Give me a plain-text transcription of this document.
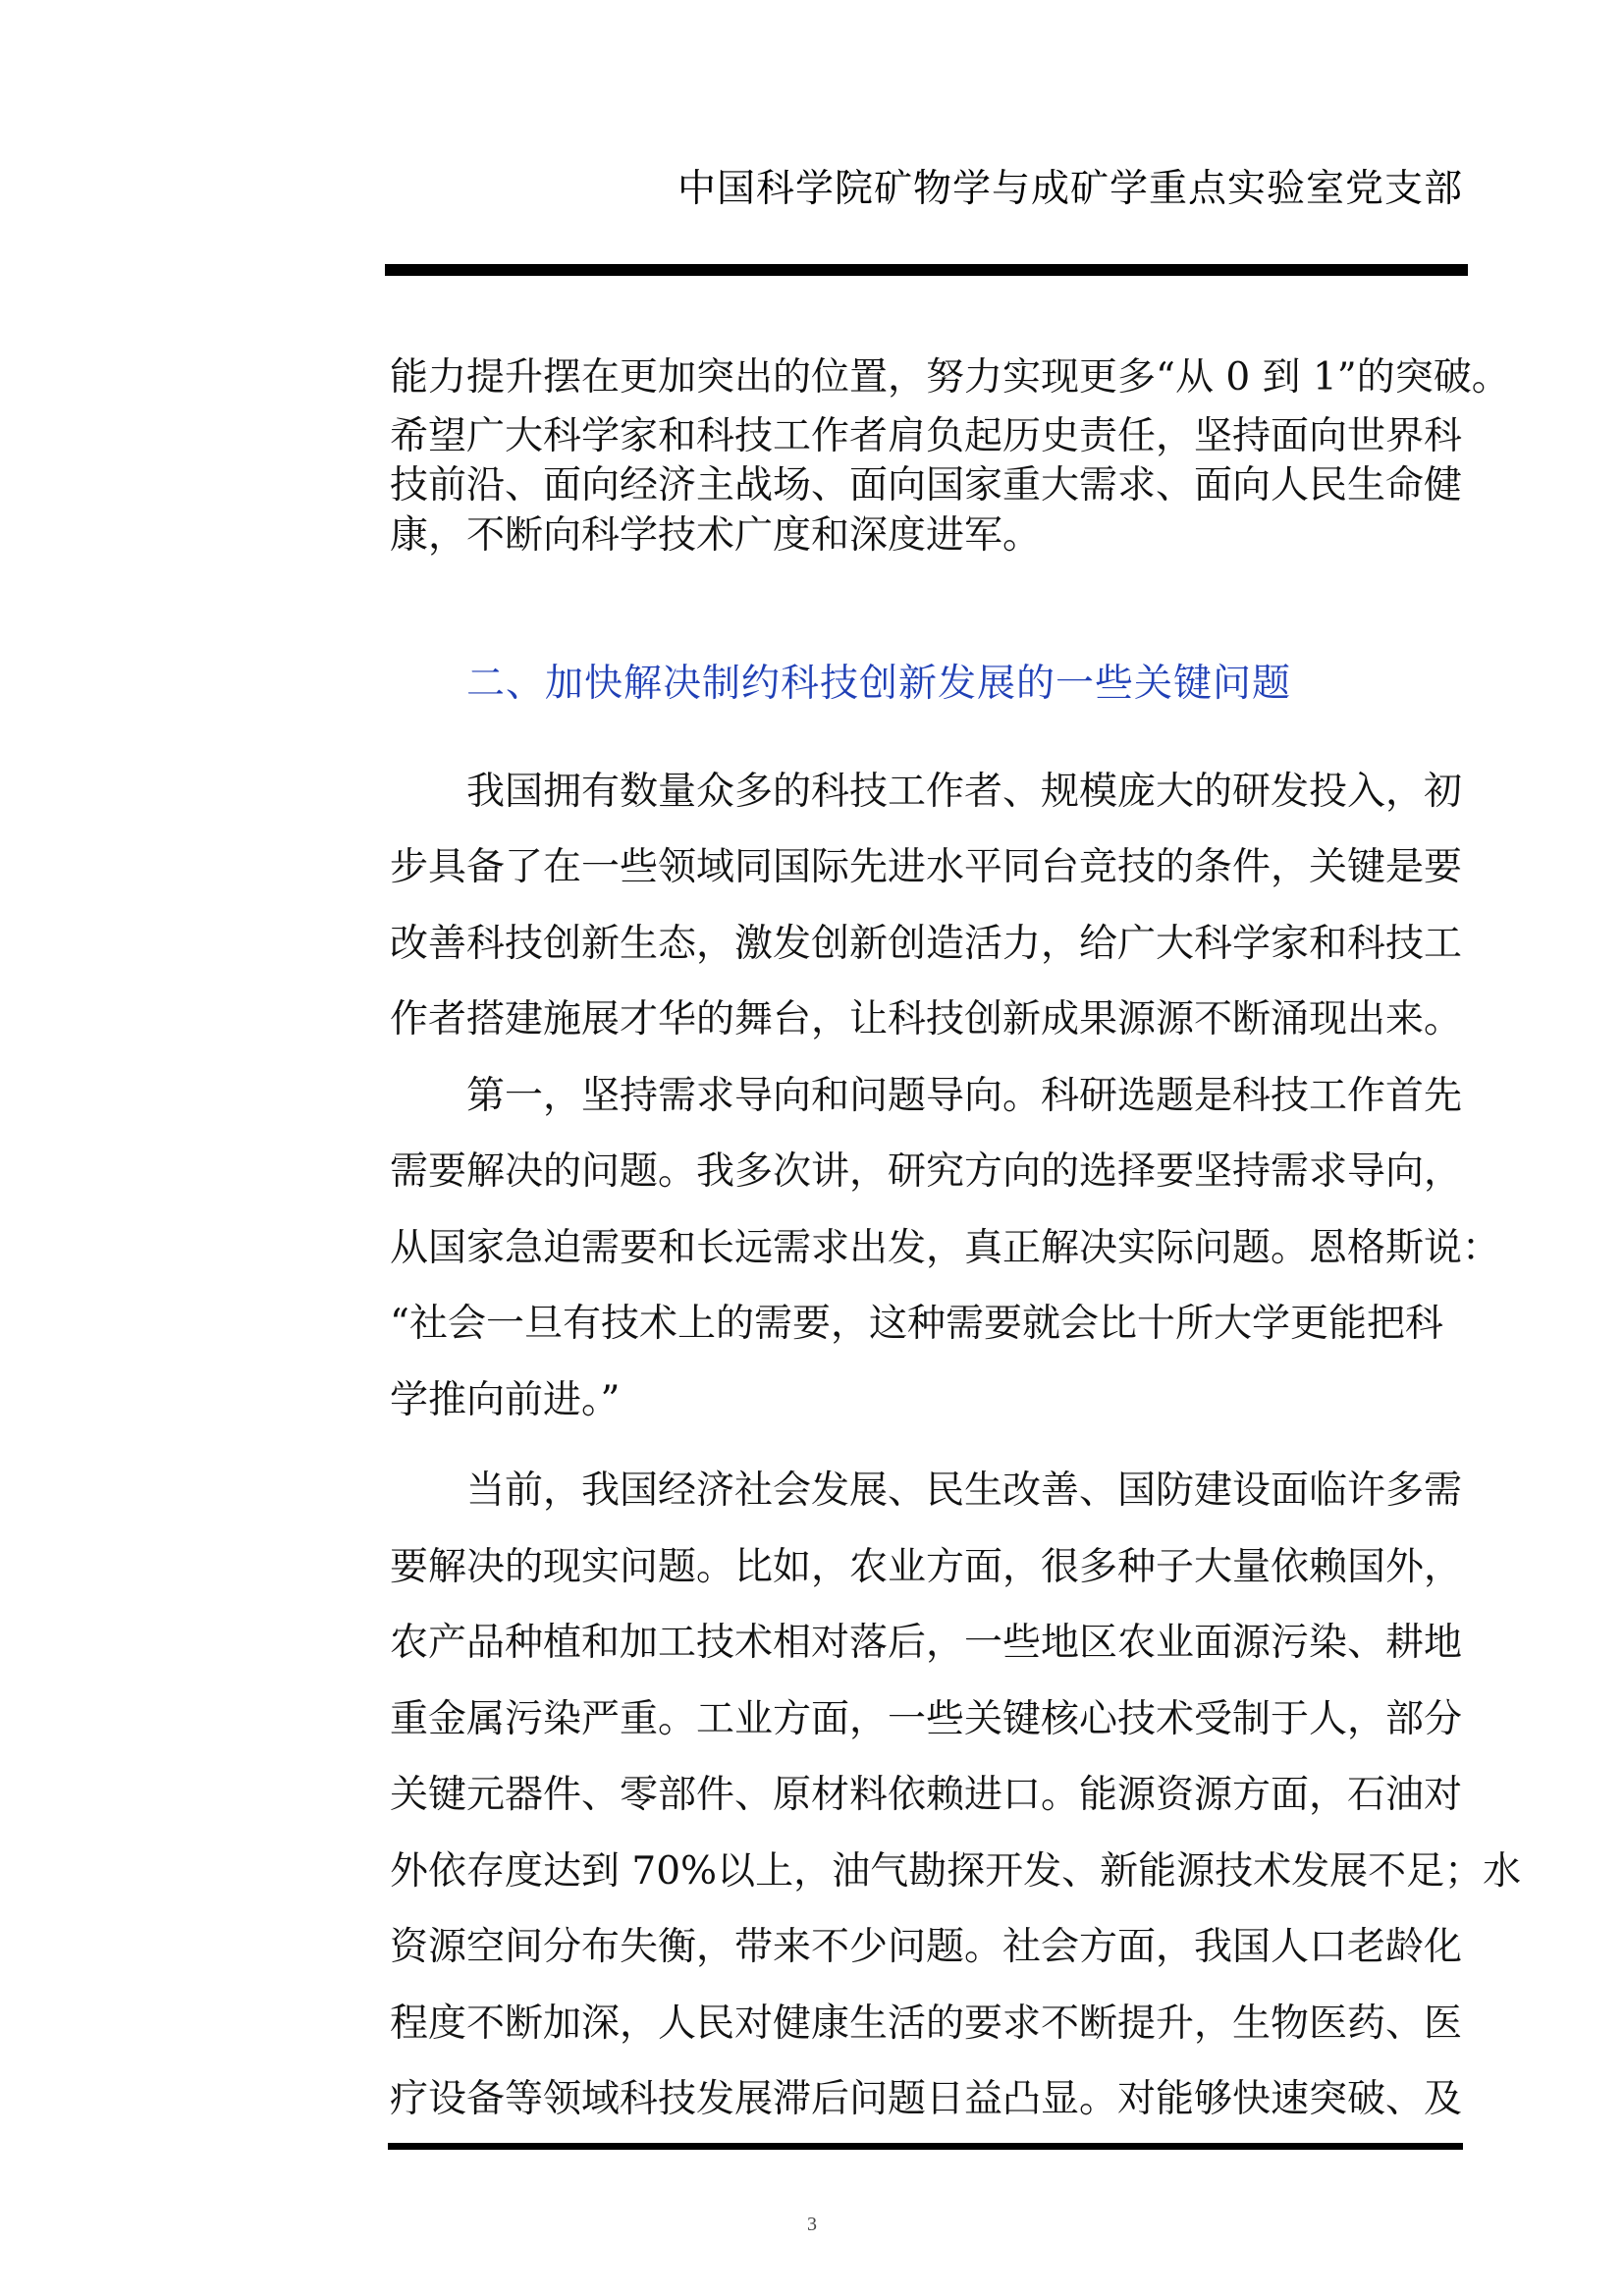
中国科学院矿物学与成矿学重点实验室党支部
能力提升摆在更加突出的位置，努力实现更多“从 0 到 1”的突破。
希望广大科学家和科技工作者肩负起历史责任，坚持面向世界科
技前沿、面向经济主战场、面向国家重大需求、面向人民生命健
康，不断向科学技术广度和深度进军。
二、加快解决制约科技创新发展的一些关键问题
我国拥有数量众多的科技工作者、规模庞大的研发投入，初
步具备了在一些领域同国际先进水平同台竞技的条件，关键是要
改善科技创新生态，激发创新创造活力，给广大科学家和科技工
作者搭建施展才华的舞台，让科技创新成果源源不断涌现出来。
第一，坚持需求导向和问题导向。科研选题是科技工作首先
需要解决的问题。我多次讲，研究方向的选择要坚持需求导向，
从国家急迫需要和长远需求出发，真正解决实际问题。恩格斯说：
“社会一旦有技术上的需要，这种需要就会比十所大学更能把科
学推向前进。”
当前，我国经济社会发展、民生改善、国防建设面临许多需
要解决的现实问题。比如，农业方面，很多种子大量依赖国外，
农产品种植和加工技术相对落后，一些地区农业面源污染、耕地
重金属污染严重。工业方面，一些关键核心技术受制于人，部分
关键元器件、零部件、原材料依赖进口。能源资源方面，石油对
外依存度达到 70%以上，油气勘探开发、新能源技术发展不足；水
资源空间分布失衡，带来不少问题。社会方面，我国人口老龄化
程度不断加深，人民对健康生活的要求不断提升，生物医药、医
疗设备等领域科技发展滞后问题日益凸显。对能够快速突破、及
3
